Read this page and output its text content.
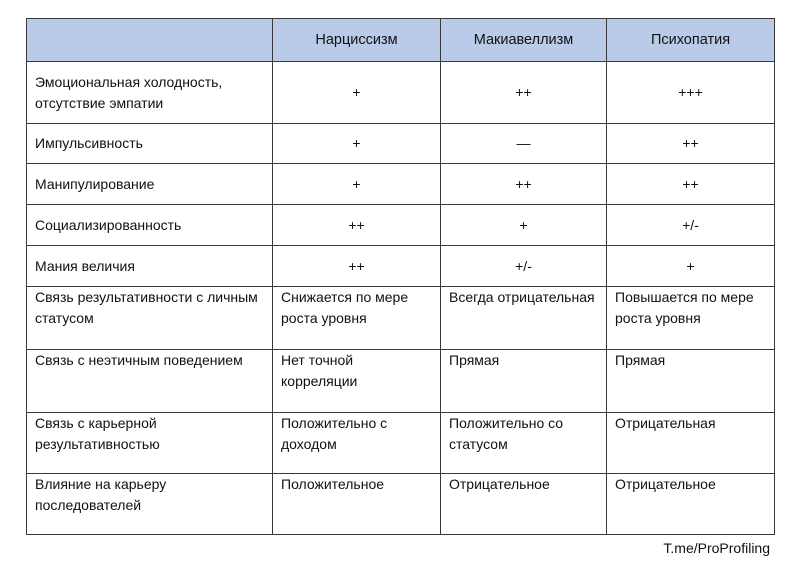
	Нарциссизм	Макиавеллизм	Психопатия
Эмоциональная холодность, отсутствие эмпатии	+	++	+++
Импульсивность	+	—	++
Манипулирование	+	++	++
Социализированность	++	+	+/-
Мания величия	++	+/-	+
Связь результативности с личным статусом	Снижается по мере роста уровня	Всегда отрицательная	Повышается по мере роста уровня
Связь с неэтичным поведением	Нет точной корреляции	Прямая	Прямая
Связь с карьерной результативностью	Положительно с доходом	Положительно со статусом	Отрицательная
Влияние на карьеру последователей	Положительное	Отрицательное	Отрицательное
T.me/ProProfiling
